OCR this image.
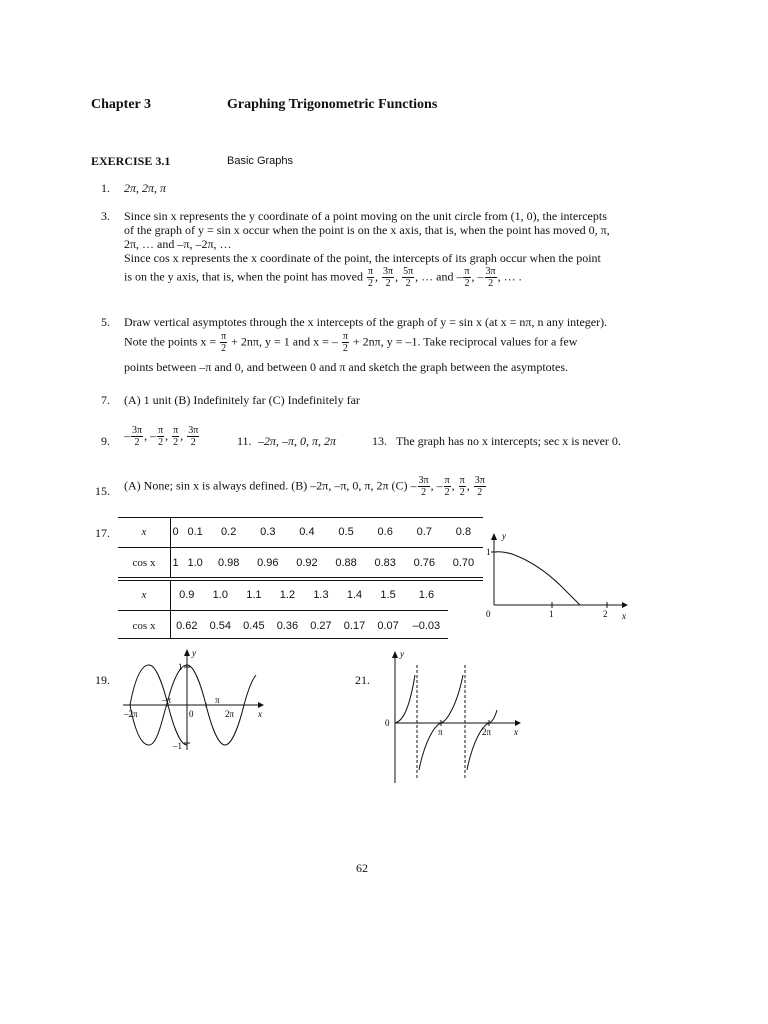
Chapter 3	Graphing Trigonometric Functions
EXERCISE 3.1	Basic Graphs
1. 2π, 2π, π
3. Since sin x represents the y coordinate of a point moving on the unit circle from (1, 0), the intercepts
of the graph of y = sin x occur when the point is on the x axis, that is, when the point has moved 0, π,
2π, … and –π, –2π, …
Since cos x represents the x coordinate of the point, the intercepts of its graph occur when the point
is on the y axis, that is, when the point has moved $\frac{\pi}{2}$ , $\frac{3\pi}{2}$ , $\frac{5\pi}{2}$ , … and – $\frac{\pi}{2}$ , – $\frac{3\pi}{2}$ , … .
5. Draw vertical asymptotes through the x intercepts of the graph of y = sin x (at x = nπ, n any integer).
Note the points $x = \frac{\pi}{2} + 2n\pi$, y = 1 and x = – $\frac{\pi}{2} + 2n\pi$, y = –1. Take reciprocal values for a few
points between –π and 0, and between 0 and π and sketch the graph between the asymptotes.
7. (A) 1 unit (B) Indefinitely far (C) Indefinitely far
9. – $\frac{3\pi}{2}$ , – $\frac{\pi}{2}$ , $\frac{\pi}{2}$ , $\frac{3\pi}{2}$	11. –2π, –π, 0, π, 2π	13. The graph has no x intercepts; sec x is never 0.
15. (A) None; sin x is always defined. (B) –2π, –π, 0, π, 2π $(C) - \frac{3\pi}{2}$ , – $\frac{\pi}{2}$ , $\frac{\pi}{2}$ , $\frac{3\pi}{2}$
17.	x	0	0.1	0.2	0.3	0.4	0.5	0.6	0.7	0.8
cos x	1	1.0	0.98	0.96	0.92	0.88	0.83	0.76	0.70
x	0.9	1.0	1.1	1.2	1.3	1.4	1.5	1.6
cos x	0.62	0.54	0.45	0.36	0.27	0.17	0.07	–0.03
y
x
1
0	1	2
19.
y
x
1
–1
–2π
–π
0
π
2π
21.
y
x
0
π	2π
62
